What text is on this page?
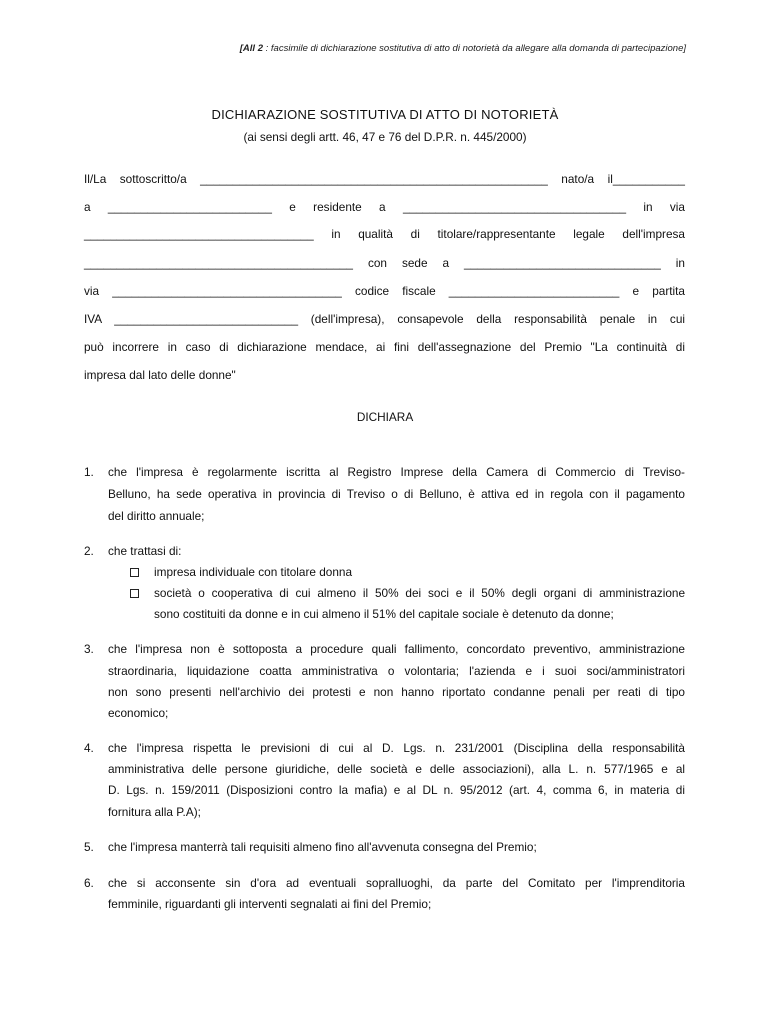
[All 2 : facsimile di dichiarazione sostitutiva di atto di notorietà da allegare alla domanda di partecipazione]
DICHIARAZIONE SOSTITUTIVA DI ATTO DI NOTORIETÀ
(ai sensi degli artt. 46, 47 e 76 del D.P.R. n. 445/2000)
Il/La sottoscritto/a _____________________________________________________ nato/a il___________
a _________________________ e residente a __________________________________ in via
___________________________________ in qualità di titolare/rappresentante legale dell'impresa
_________________________________________ con sede a ______________________________ in
via ___________________________________ codice fiscale __________________________ e partita
IVA ____________________________ (dell'impresa), consapevole della responsabilità penale in cui
può incorrere in caso di dichiarazione mendace, ai fini dell'assegnazione del Premio "La continuità di
impresa dal lato delle donne"
DICHIARA
1. che l'impresa è regolarmente iscritta al Registro Imprese della Camera di Commercio di Treviso-
Belluno, ha sede operativa in provincia di Treviso o di Belluno, è attiva ed in regola con il pagamento
del diritto annuale;
2. che trattasi di:
impresa individuale con titolare donna
società o cooperativa di cui almeno il 50% dei soci e il 50% degli organi di amministrazione
sono costituiti da donne e in cui almeno il 51% del capitale sociale è detenuto da donne;
3. che l'impresa non è sottoposta a procedure quali fallimento, concordato preventivo, amministrazione
straordinaria, liquidazione coatta amministrativa o volontaria; l'azienda e i suoi soci/amministratori
non sono presenti nell'archivio dei protesti e non hanno riportato condanne penali per reati di tipo
economico;
4. che l'impresa rispetta le previsioni di cui al D. Lgs. n. 231/2001 (Disciplina della responsabilità
amministrativa delle persone giuridiche, delle società e delle associazioni), alla L. n. 577/1965 e al
D. Lgs. n. 159/2011 (Disposizioni contro la mafia) e al DL n. 95/2012 (art. 4, comma 6, in materia di
fornitura alla P.A);
5. che l'impresa manterrà tali requisiti almeno fino all'avvenuta consegna del Premio;
6. che si acconsente sin d'ora ad eventuali sopralluoghi, da parte del Comitato per l'imprenditoria
femminile, riguardanti gli interventi segnalati ai fini del Premio;
